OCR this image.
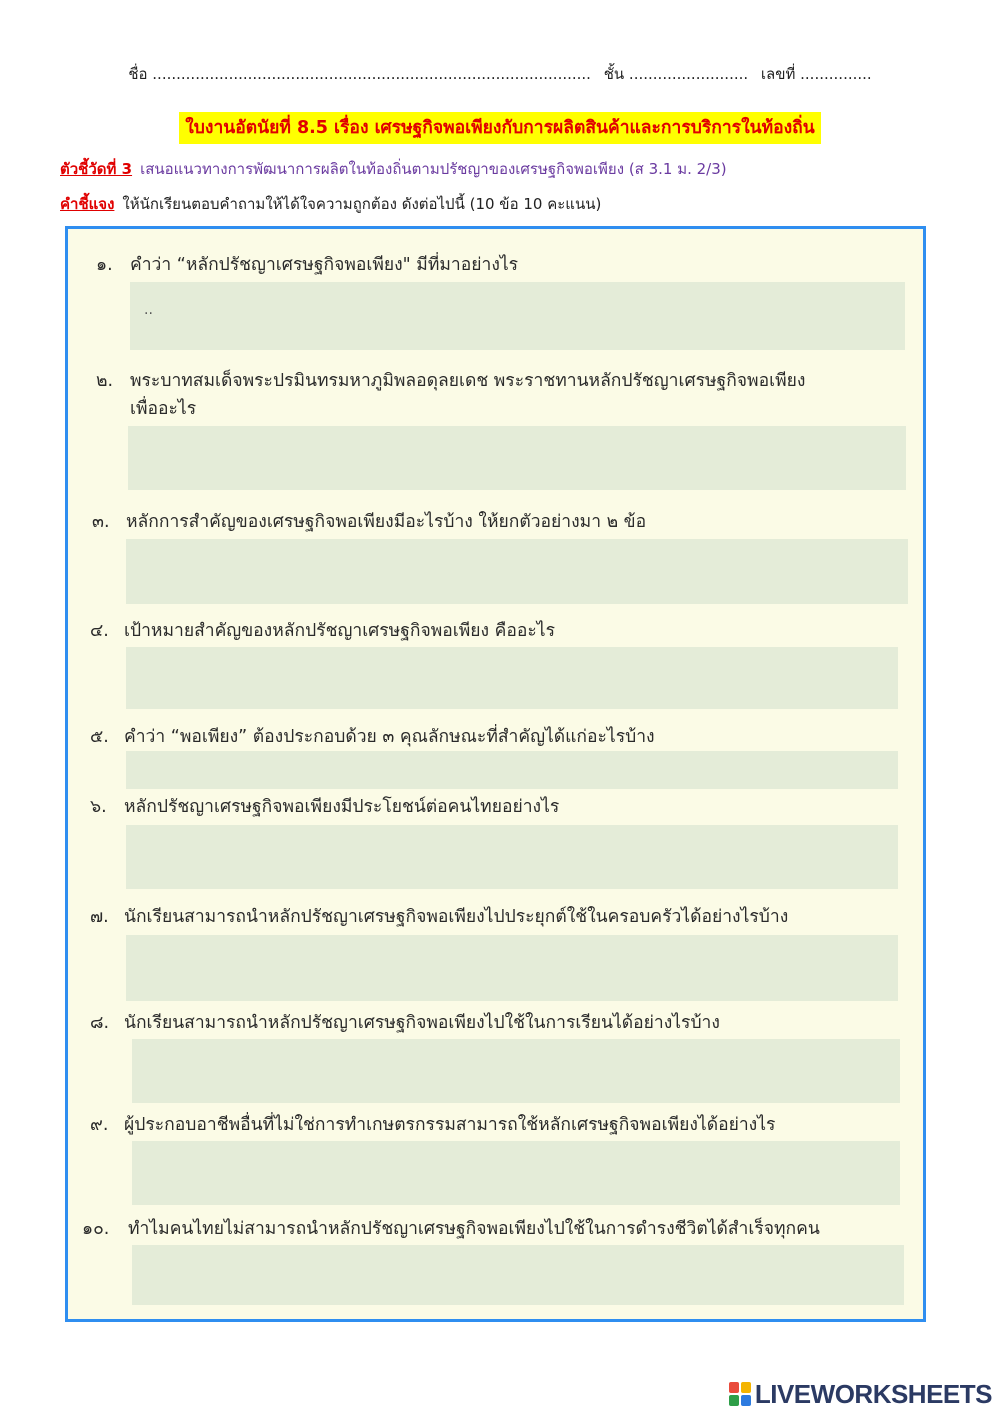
ชื่อ ............................................................................................ ชั้น ......................... เลขที่ ...............
ใบงานอัตนัยที่ 8.5 เรื่อง เศรษฐกิจพอเพียงกับการผลิตสินค้าและการบริการในท้องถิ่น
ตัวชี้วัดที่ 3 เสนอแนวทางการพัฒนาการผลิตในท้องถิ่นตามปรัชญาของเศรษฐกิจพอเพียง (ส 3.1 ม. 2/3)
คำชี้แจง ให้นักเรียนตอบคำถามให้ได้ใจความถูกต้อง ดังต่อไปนี้ (10 ข้อ 10 คะแนน)
๑. คำว่า “หลักปรัชญาเศรษฐกิจพอเพียง" มีที่มาอย่างไร
..
๒. พระบาทสมเด็จพระปรมินทรมหาภูมิพลอดุลยเดช พระราชทานหลักปรัชญาเศรษฐกิจพอเพียง
เพื่ออะไร
๓. หลักการสำคัญของเศรษฐกิจพอเพียงมีอะไรบ้าง ให้ยกตัวอย่างมา ๒ ข้อ
๔. เป้าหมายสำคัญของหลักปรัชญาเศรษฐกิจพอเพียง คืออะไร
๕. คำว่า “พอเพียง” ต้องประกอบด้วย ๓ คุณลักษณะที่สำคัญได้แก่อะไรบ้าง
๖. หลักปรัชญาเศรษฐกิจพอเพียงมีประโยชน์ต่อคนไทยอย่างไร
๗. นักเรียนสามารถนำหลักปรัชญาเศรษฐกิจพอเพียงไปประยุกต์ใช้ในครอบครัวได้อย่างไรบ้าง
๘. นักเรียนสามารถนำหลักปรัชญาเศรษฐกิจพอเพียงไปใช้ในการเรียนได้อย่างไรบ้าง
๙. ผู้ประกอบอาชีพอื่นที่ไม่ใช่การทำเกษตรกรรมสามารถใช้หลักเศรษฐกิจพอเพียงได้อย่างไร
๑๐. ทำไมคนไทยไม่สามารถนำหลักปรัชญาเศรษฐกิจพอเพียงไปใช้ในการดำรงชีวิตได้สำเร็จทุกคน
LIVEWORKSHEETS
